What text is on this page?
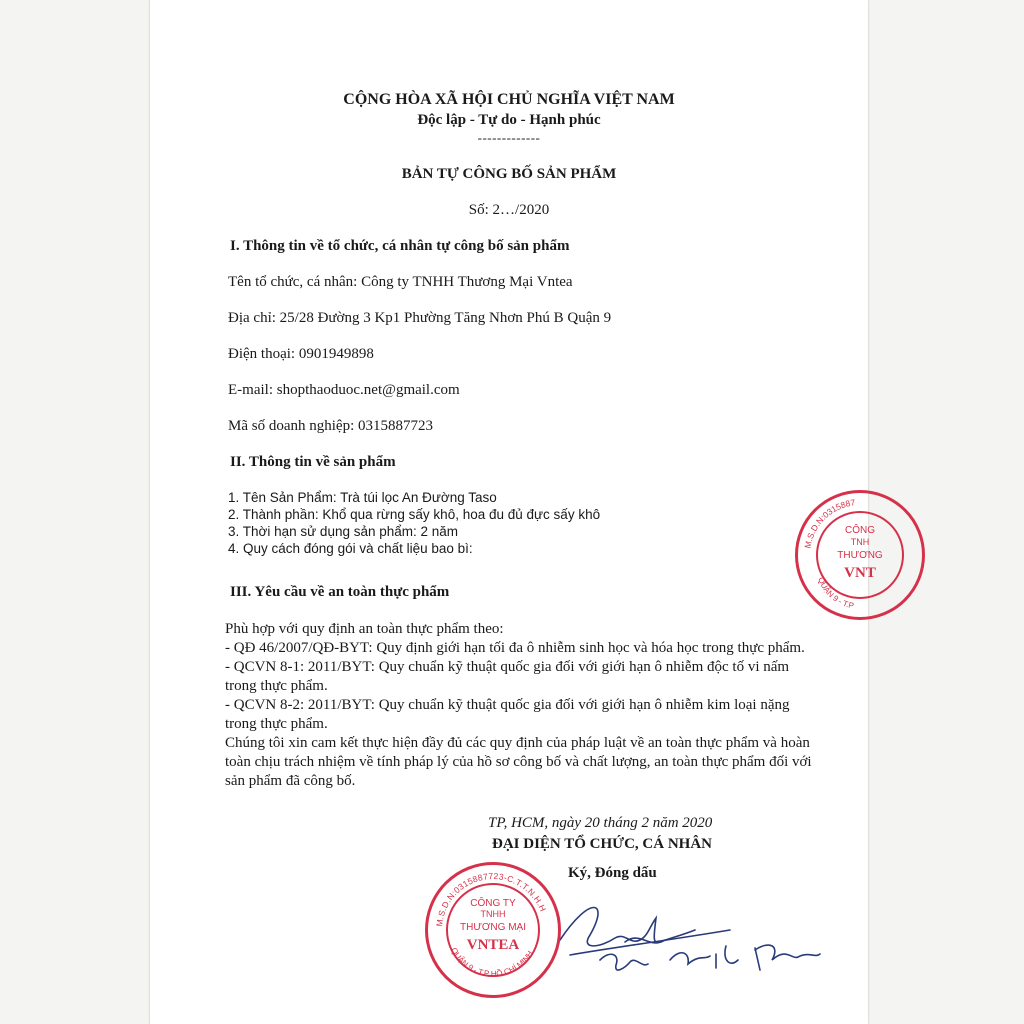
CỘNG HÒA XÃ HỘI CHỦ NGHĨA VIỆT NAM
Độc lập - Tự do - Hạnh phúc
-------------
BẢN TỰ CÔNG BỐ SẢN PHẨM
Số: 2…/2020
I. Thông tin về tổ chức, cá nhân tự công bố sản phẩm
Tên tổ chức, cá nhân: Công ty TNHH Thương Mại Vntea
Địa chỉ: 25/28 Đường 3 Kp1 Phường Tăng Nhơn Phú B Quận 9
Điện thoại: 0901949898
E-mail: shopthaoduoc.net@gmail.com
Mã số doanh nghiệp: 0315887723
II. Thông tin về sản phẩm
1. Tên Sản Phẩm: Trà túi lọc An Đường Taso
2. Thành phần: Khổ qua rừng sấy khô, hoa đu đủ đực sấy khô
3. Thời hạn sử dụng sản phẩm: 2 năm
4. Quy cách đóng gói và chất liệu bao bì:
III. Yêu cầu về an toàn thực phẩm
Phù hợp với quy định an toàn thực phẩm theo:
- QĐ 46/2007/QĐ-BYT: Quy định giới hạn tối đa ô nhiễm sinh học và hóa học trong thực phẩm.
- QCVN 8-1: 2011/BYT: Quy chuẩn kỹ thuật quốc gia đối với giới hạn ô nhiễm độc tố vi nấm
trong thực phẩm.
- QCVN 8-2: 2011/BYT: Quy chuẩn kỹ thuật quốc gia đối với giới hạn ô nhiễm kim loại nặng
trong thực phẩm.
Chúng tôi xin cam kết thực hiện đầy đủ các quy định của pháp luật về an toàn thực phẩm và hoàn
toàn chịu trách nhiệm về tính pháp lý của hồ sơ công bố và chất lượng, an toàn thực phẩm đối với
sản phẩm đã công bố.
TP, HCM, ngày 20 tháng 2 năm 2020
ĐẠI DIỆN TỔ CHỨC, CÁ NHÂN
Ký, Đóng dấu
M.S.D.N:0315887723-C.T.T.N.H.H
QUẬN 9 - T.P HỒ CHÍ MINH
CÔNG TY
TNHH
THƯƠNG MẠI
VNTEA
M.S.D.N:0315887
QUẬN 9 - T.P
CÔNG
TNH
THƯƠNG
VNT
